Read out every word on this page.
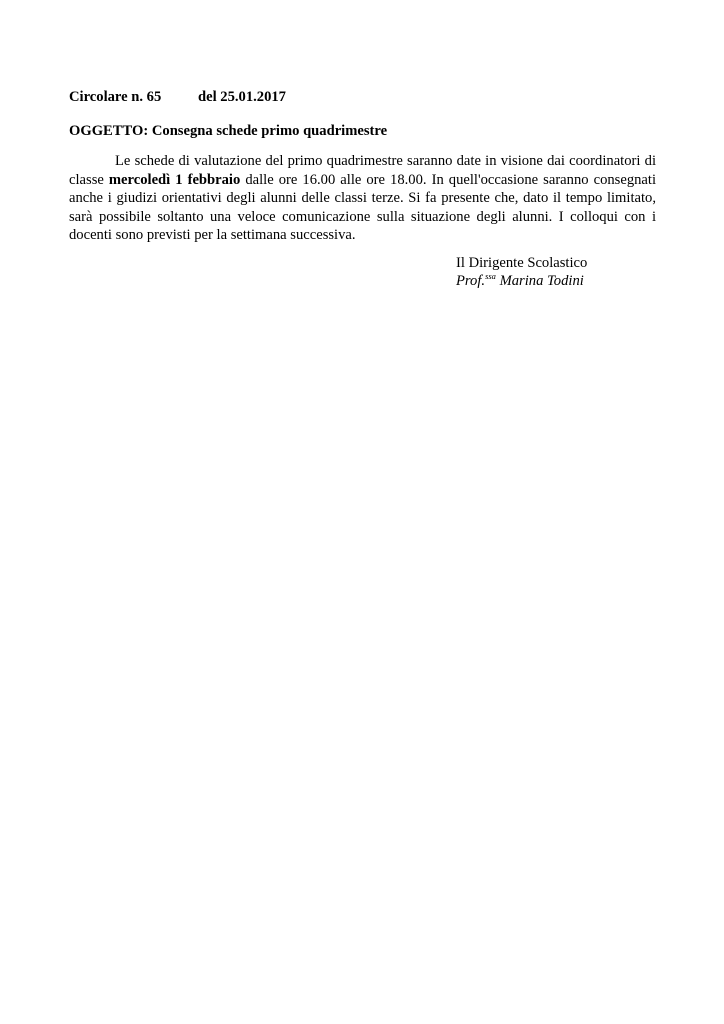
Circolare n. 65	del 25.01.2017
OGGETTO: Consegna schede primo quadrimestre

Le schede di valutazione del primo quadrimestre saranno date in visione dai coordinatori di classe mercoledì 1 febbraio dalle ore 16.00 alle ore 18.00. In quell'occasione saranno consegnati anche i giudizi orientativi degli alunni delle classi terze. Si fa presente che, dato il tempo limitato, sarà possibile soltanto una veloce comunicazione sulla situazione degli alunni. I colloqui con i docenti sono previsti per la settimana successiva.

Il Dirigente Scolastico
Prof.$^{ssa}$ Marina Todini
